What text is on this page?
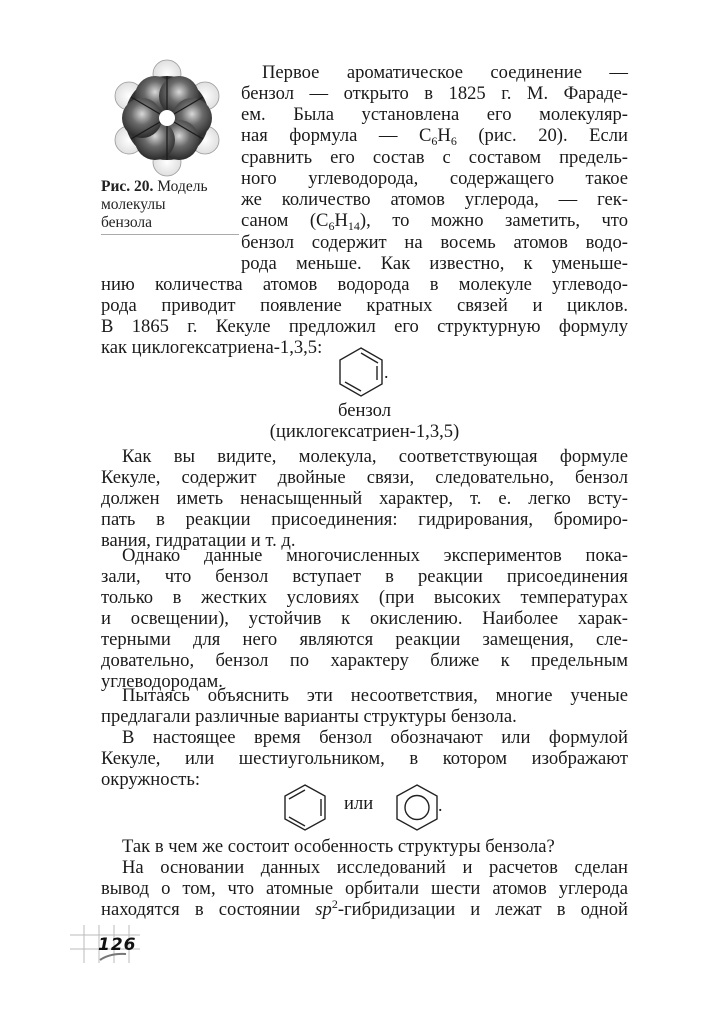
Рис. 20. Модель
молекулы
бензола
Первое ароматическое соединение —
бензол — открыто в 1825 г. М. Фараде-
ем. Была установлена его молекуляр-
ная формула — $C_6H_6$ (рис. 20). Если
сравнить его состав с составом предель-
ного углеводорода, содержащего такое
же количество атомов углерода, — гек-
саном $(C_6H_{14})$, то можно заметить, что
бензол содержит на восемь атомов водо-
рода меньше. Как известно, к уменьше-
нию количества атомов водорода в молекуле углеводо-
рода приводит появление кратных связей и циклов.
В 1865 г. Кекуле предложил его структурную формулу
как циклогексатриена-1,3,5:
.
бензол
(циклогексатриен-1,3,5)
Как вы видите, молекула, соответствующая формуле
Кекуле, содержит двойные связи, следовательно, бензол
должен иметь ненасыщенный характер, т. е. легко всту-
пать в реакции присоединения: гидрирования, бромиро-
вания, гидратации и т. д.
Однако данные многочисленных экспериментов пока-
зали, что бензол вступает в реакции присоединения
только в жестких условиях (при высоких температурах
и освещении), устойчив к окислению. Наиболее харак-
терными для него являются реакции замещения, сле-
довательно, бензол по характеру ближе к предельным
углеводородам.
Пытаясь объяснить эти несоответствия, многие ученые
предлагали различные варианты структуры бензола.
В настоящее время бензол обозначают или формулой
Кекуле, или шестиугольником, в котором изображают
окружность:
или	.
Так в чем же состоит особенность структуры бензола?
На основании данных исследований и расчетов сделан
вывод о том, что атомные орбитали шести атомов углерода
находятся в состоянии $sp^2$-гибридизации и лежат в одной
126
